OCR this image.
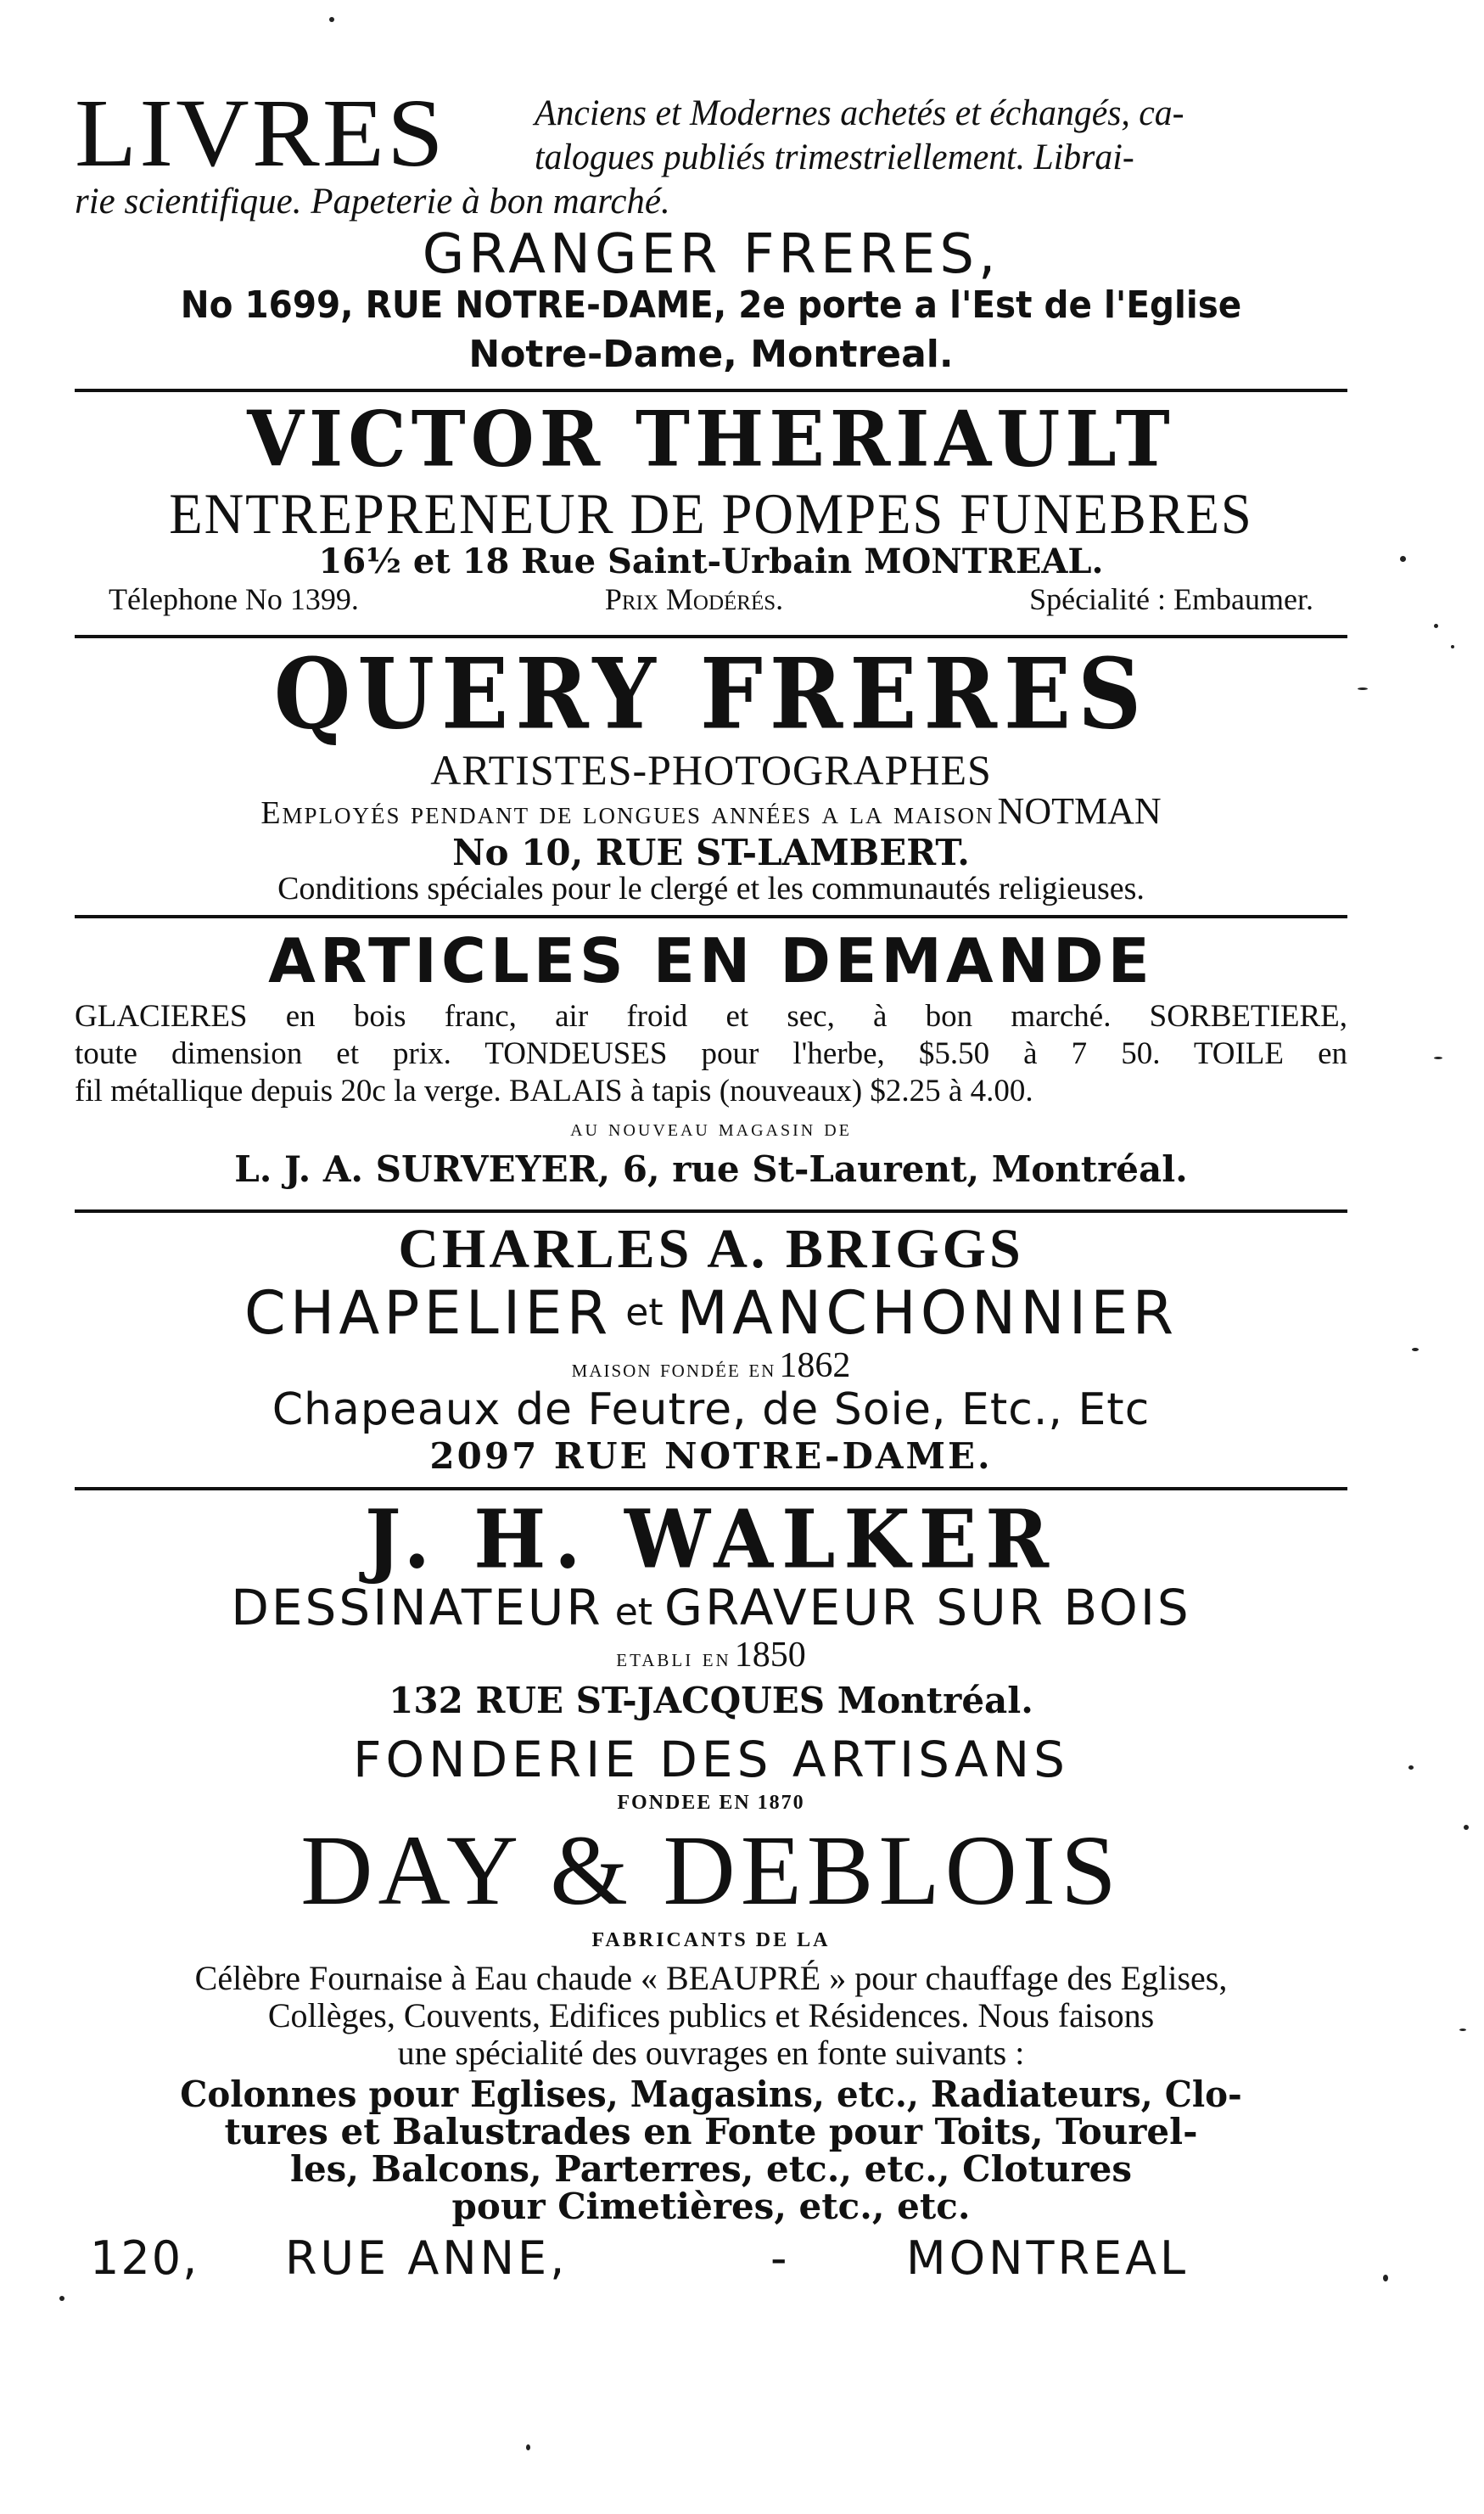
LIVRES Anciens et Modernes achetés et échangés, ca-
talogues publiés trimestriellement. Librai-
rie scientifique. Papeterie à bon marché.
GRANGER FRERES,
No 1699, RUE NOTRE-DAME, 2e porte a l'Est de l'Eglise
Notre-Dame, Montreal.
VICTOR THERIAULT
ENTREPRENEUR DE POMPES FUNEBRES
16½ et 18 Rue Saint-Urbain MONTREAL.
Télephone No 1399.	Prix Modérés.	Spécialité : Embaumer.
QUERY FRERES
ARTISTES-PHOTOGRAPHES
Employés pendant de longues années a la maison NOTMAN
No 10, RUE ST-LAMBERT.
Conditions spéciales pour le clergé et les communautés religieuses.
ARTICLES EN DEMANDE
GLACIERES en bois franc, air froid et sec, à bon marché. SORBETIERE,
toute dimension et prix. TONDEUSES pour l'herbe, $5.50 à 7 50. TOILE en
fil métallique depuis 20c la verge. BALAIS à tapis (nouveaux) $2.25 à 4.00.
au nouveau magasin de
L. J. A. SURVEYER, 6, rue St-Laurent, Montréal.
CHARLES A. BRIGGS
CHAPELIER et MANCHONNIER
maison fondée en 1862
Chapeaux de Feutre, de Soie, Etc., Etc
2097 RUE NOTRE-DAME.
J. H. WALKER
DESSINATEUR et GRAVEUR SUR BOIS
etabli en 1850
132 RUE ST-JACQUES Montréal.
FONDERIE DES ARTISANS
FONDEE EN 1870
DAY & DEBLOIS
FABRICANTS DE LA
Célèbre Fournaise à Eau chaude « BEAUPRÉ » pour chauffage des Eglises,
Collèges, Couvents, Edifices publics et Résidences. Nous faisons
une spécialité des ouvrages en fonte suivants :
Colonnes pour Eglises, Magasins, etc., Radiateurs, Clo-
tures et Balustrades en Fonte pour Toits, Tourel-
les, Balcons, Parterres, etc., etc., Clotures
pour Cimetières, etc., etc.
120, RUE ANNE,	-	MONTREAL
